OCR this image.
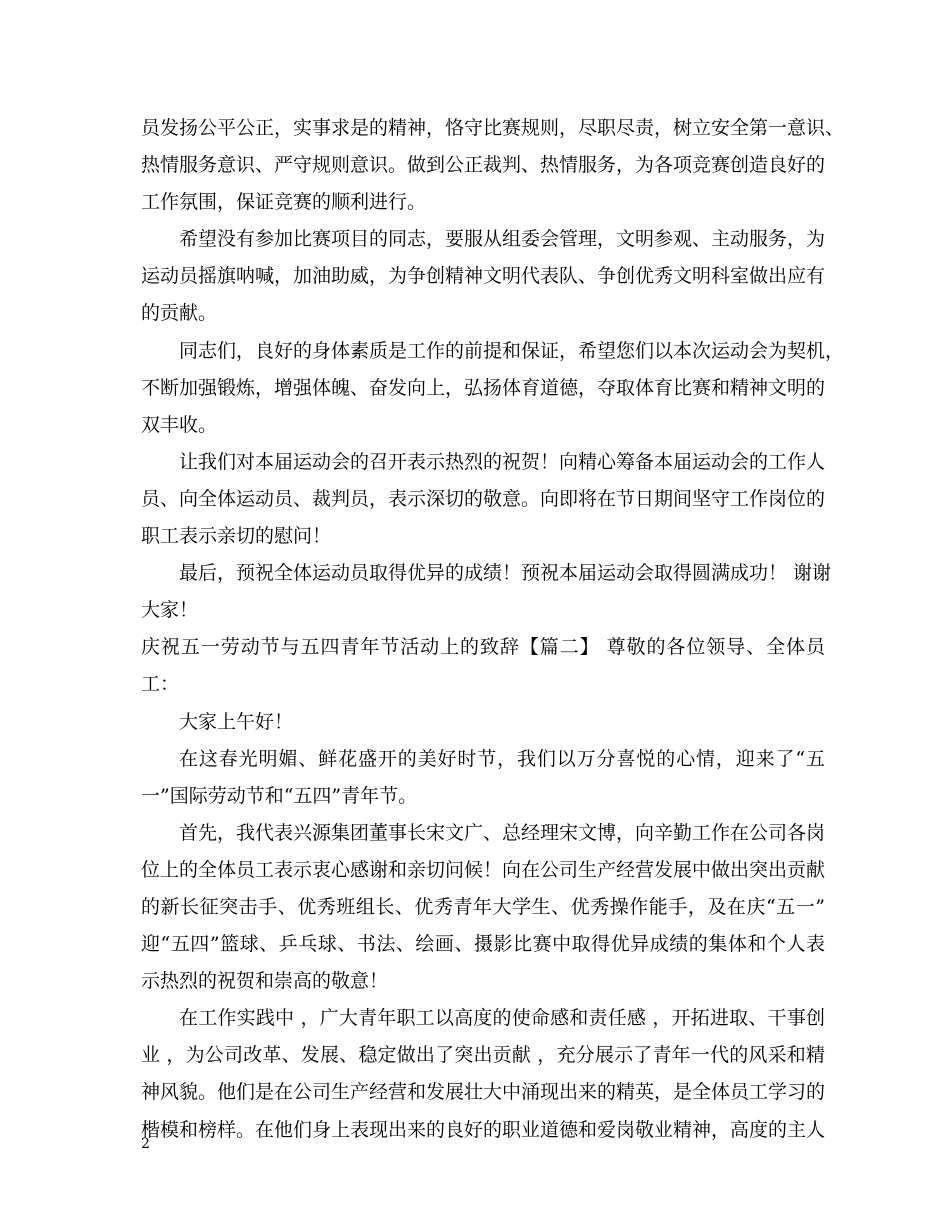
员发扬公平公正，实事求是的精神，恪守比赛规则，尽职尽责，树立安全第一意识、
热情服务意识、严守规则意识。做到公正裁判、热情服务，为各项竞赛创造良好的
工作氛围，保证竞赛的顺利进行。
希望没有参加比赛项目的同志，要服从组委会管理，文明参观、主动服务，为
运动员摇旗呐喊，加油助威，为争创精神文明代表队、争创优秀文明科室做出应有
的贡献。
同志们，良好的身体素质是工作的前提和保证，希望您们以本次运动会为契机，
不断加强锻炼，增强体魄、奋发向上，弘扬体育道德，夺取体育比赛和精神文明的
双丰收。
让我们对本届运动会的召开表示热烈的祝贺！向精心筹备本届运动会的工作人
员、向全体运动员、裁判员，表示深切的敬意。向即将在节日期间坚守工作岗位的
职工表示亲切的慰问！
最后，预祝全体运动员取得优异的成绩！预祝本届运动会取得圆满成功！ 谢谢
大家！
庆祝五一劳动节与五四青年节活动上的致辞【篇二】 尊敬的各位领导、全体员
工：
大家上午好！
在这春光明媚、鲜花盛开的美好时节，我们以万分喜悦的心情，迎来了“五
一”国际劳动节和“五四”青年节。
首先，我代表兴源集团董事长宋文广、总经理宋文博，向辛勤工作在公司各岗
位上的全体员工表示衷心感谢和亲切问候！向在公司生产经营发展中做出突出贡献
的新长征突击手、优秀班组长、优秀青年大学生、优秀操作能手，及在庆“五一”
迎“五四”篮球、乒乓球、书法、绘画、摄影比赛中取得优异成绩的集体和个人表
示热烈的祝贺和崇高的敬意！
在工作实践中 ，广大青年职工以高度的使命感和责任感 ，开拓进取、干事创
业 ，为公司改革、发展、稳定做出了突出贡献 ，充分展示了青年一代的风采和精
神风貌。他们是在公司生产经营和发展壮大中涌现出来的精英，是全体员工学习的
楷模和榜样。在他们身上表现出来的良好的职业道德和爱岗敬业精神，高度的主人
2
